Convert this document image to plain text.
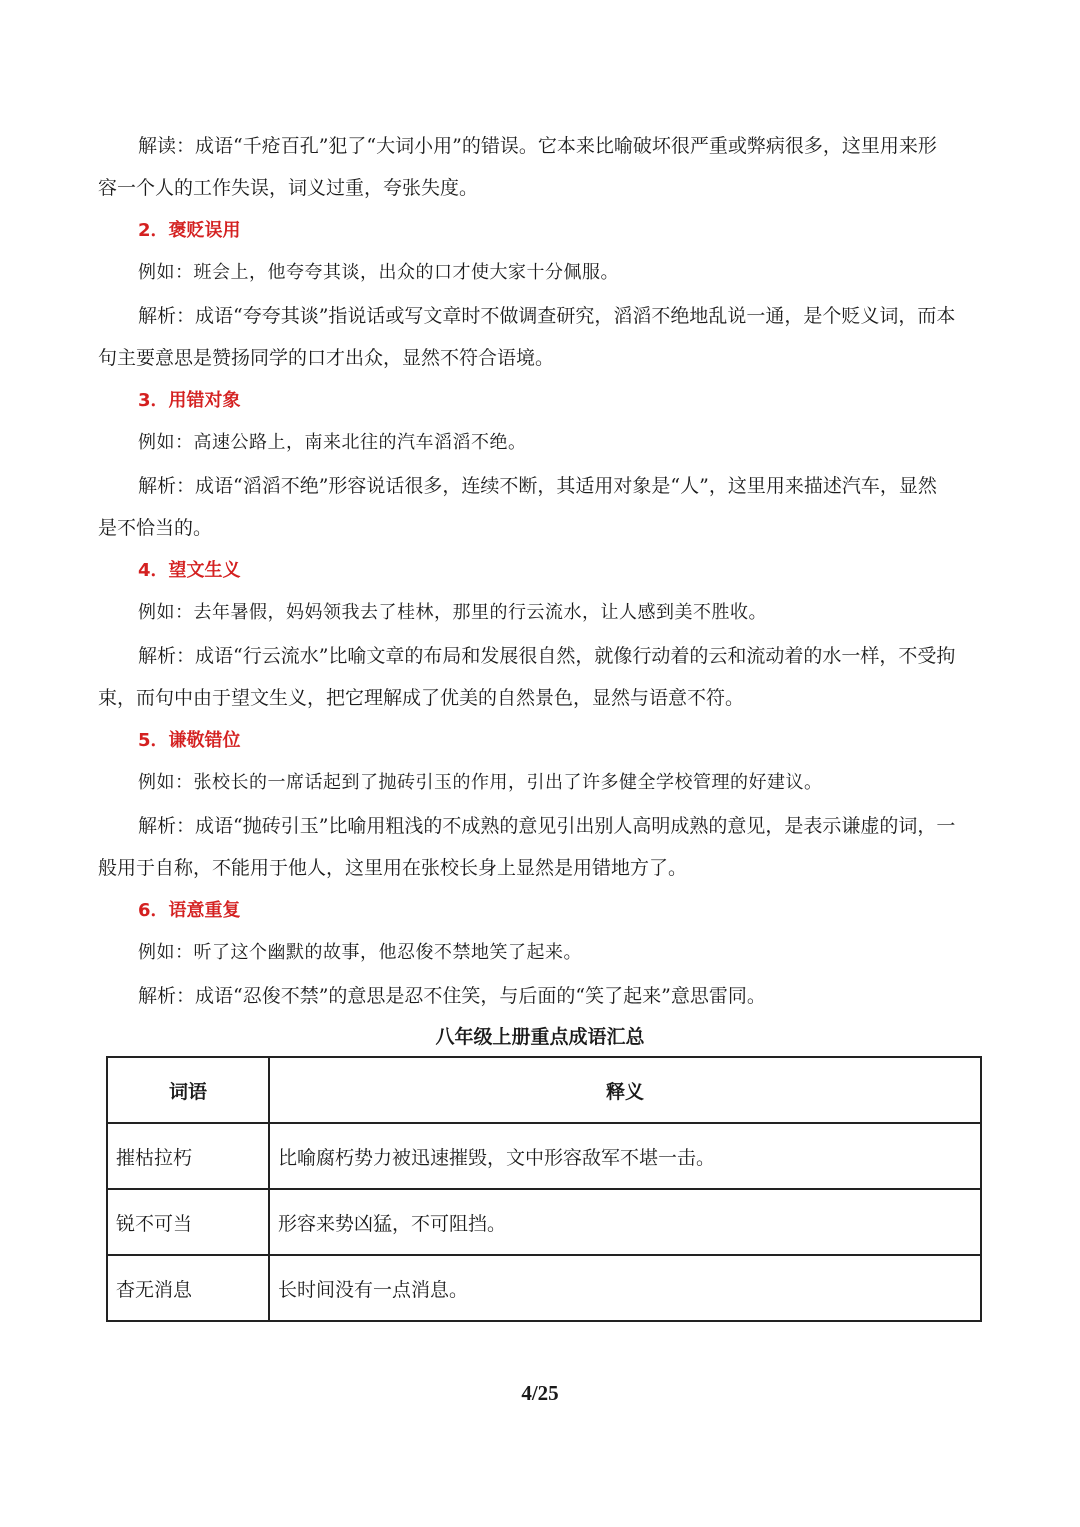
解读：成语“千疮百孔”犯了“大词小用”的错误。它本来比喻破坏很严重或弊病很多，这里用来形
容一个人的工作失误，词义过重，夸张失度。
2．褒贬误用
例如：班会上，他夸夸其谈，出众的口才使大家十分佩服。
解析：成语“夸夸其谈”指说话或写文章时不做调查研究，滔滔不绝地乱说一通，是个贬义词，而本
句主要意思是赞扬同学的口才出众，显然不符合语境。
3．用错对象
例如：高速公路上，南来北往的汽车滔滔不绝。
解析：成语“滔滔不绝”形容说话很多，连续不断，其适用对象是“人”，这里用来描述汽车，显然
是不恰当的。
4．望文生义
例如：去年暑假，妈妈领我去了桂林，那里的行云流水，让人感到美不胜收。
解析：成语“行云流水”比喻文章的布局和发展很自然，就像行动着的云和流动着的水一样，不受拘
束，而句中由于望文生义，把它理解成了优美的自然景色，显然与语意不符。
5．谦敬错位
例如：张校长的一席话起到了抛砖引玉的作用，引出了许多健全学校管理的好建议。
解析：成语“抛砖引玉”比喻用粗浅的不成熟的意见引出别人高明成熟的意见，是表示谦虚的词，一
般用于自称，不能用于他人，这里用在张校长身上显然是用错地方了。
6．语意重复
例如：听了这个幽默的故事，他忍俊不禁地笑了起来。
解析：成语“忍俊不禁”的意思是忍不住笑，与后面的“笑了起来”意思雷同。
八年级上册重点成语汇总
词语	释义
摧枯拉朽	比喻腐朽势力被迅速摧毁，文中形容敌军不堪一击。
锐不可当	形容来势凶猛，不可阻挡。
杳无消息	长时间没有一点消息。
4/25
